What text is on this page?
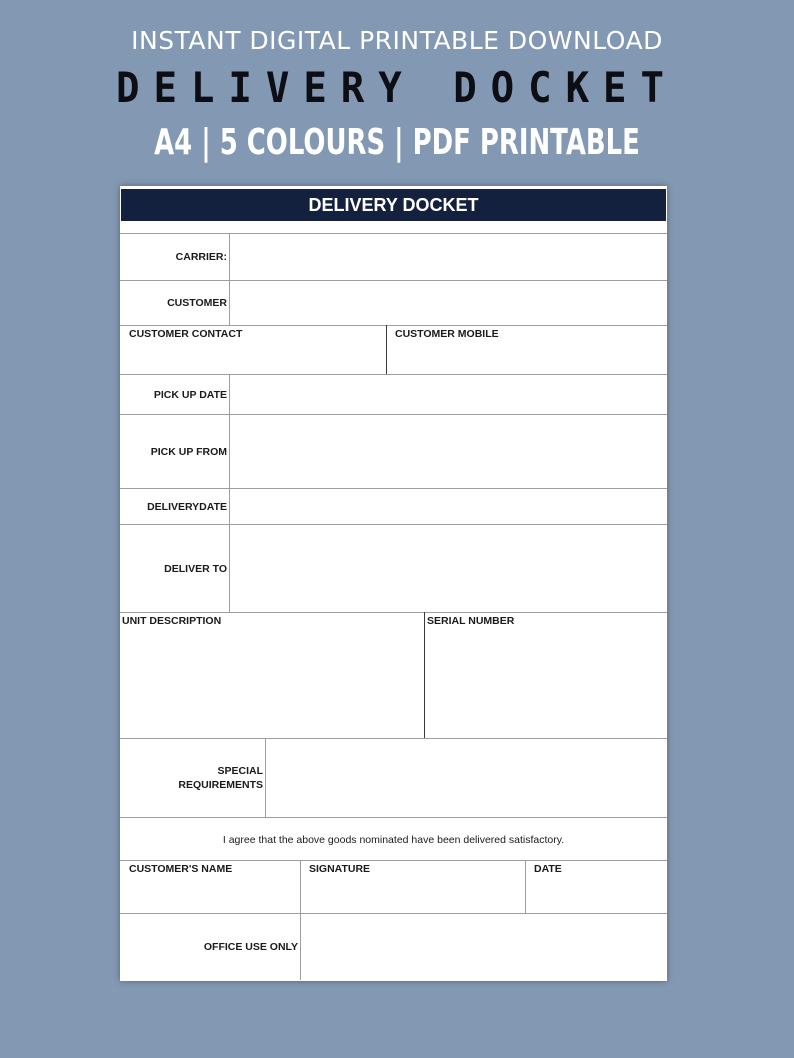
INSTANT DIGITAL PRINTABLE DOWNLOAD
DELIVERY DOCKET
A4 | 5 COLOURS | PDF PRINTABLE
DELIVERY DOCKET
CARRIER:
CUSTOMER
CUSTOMER CONTACT	CUSTOMER MOBILE
PICK UP DATE
PICK UP FROM
DELIVERYDATE
DELIVER TO
UNIT DESCRIPTION	SERIAL NUMBER
SPECIAL
REQUIREMENTS
I agree that the above goods nominated have been delivered satisfactory.
CUSTOMER'S NAME	SIGNATURE	DATE
OFFICE USE ONLY
